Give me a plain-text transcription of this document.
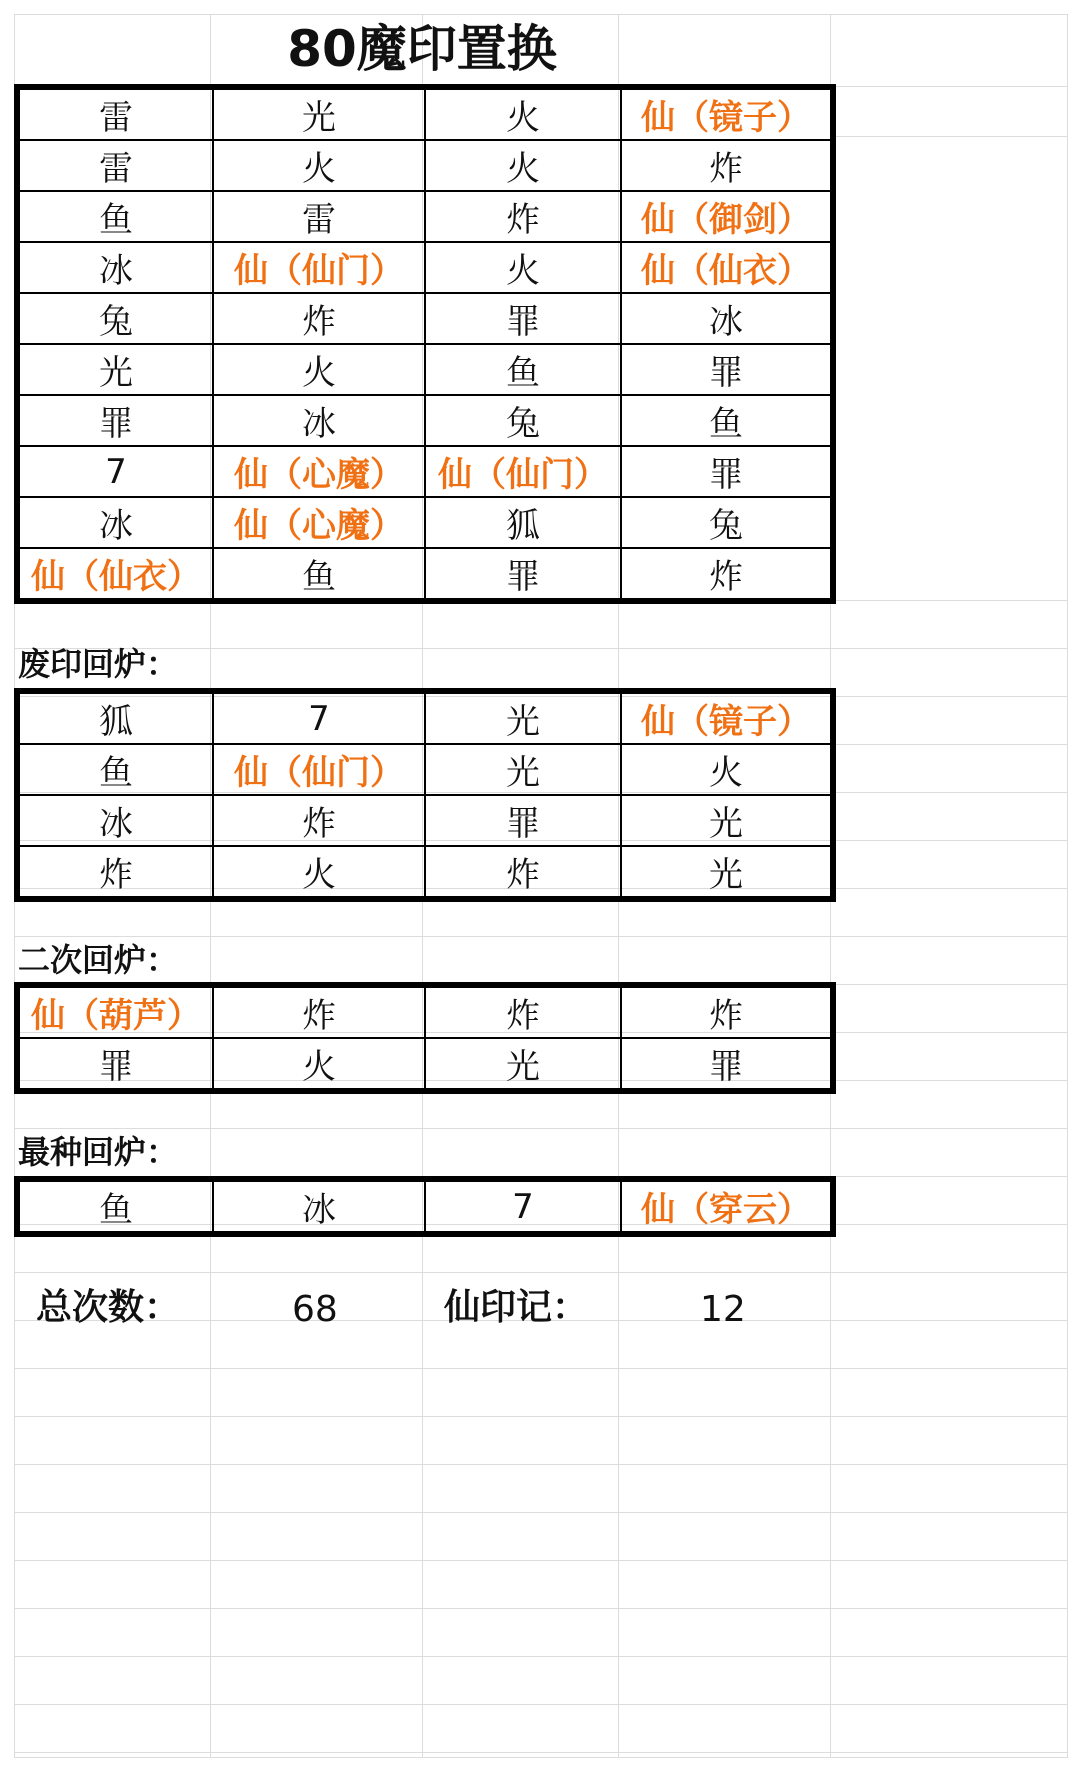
80魔印置换
雷	光	火	仙（镜子）
雷	火	火	炸
鱼	雷	炸	仙（御剑）
冰	仙（仙门）	火	仙（仙衣）
兔	炸	罪	冰
光	火	鱼	罪
罪	冰	兔	鱼
7	仙（心魔）	仙（仙门）	罪
冰	仙（心魔）	狐	兔
仙（仙衣）	鱼	罪	炸
废印回炉：
狐	7	光	仙（镜子）
鱼	仙（仙门）	光	火
冰	炸	罪	光
炸	火	炸	光
二次回炉：
仙（葫芦）	炸	炸	炸
罪	火	光	罪
最种回炉：
鱼	冰	7	仙（穿云）
总次数：	68	仙印记：	12
